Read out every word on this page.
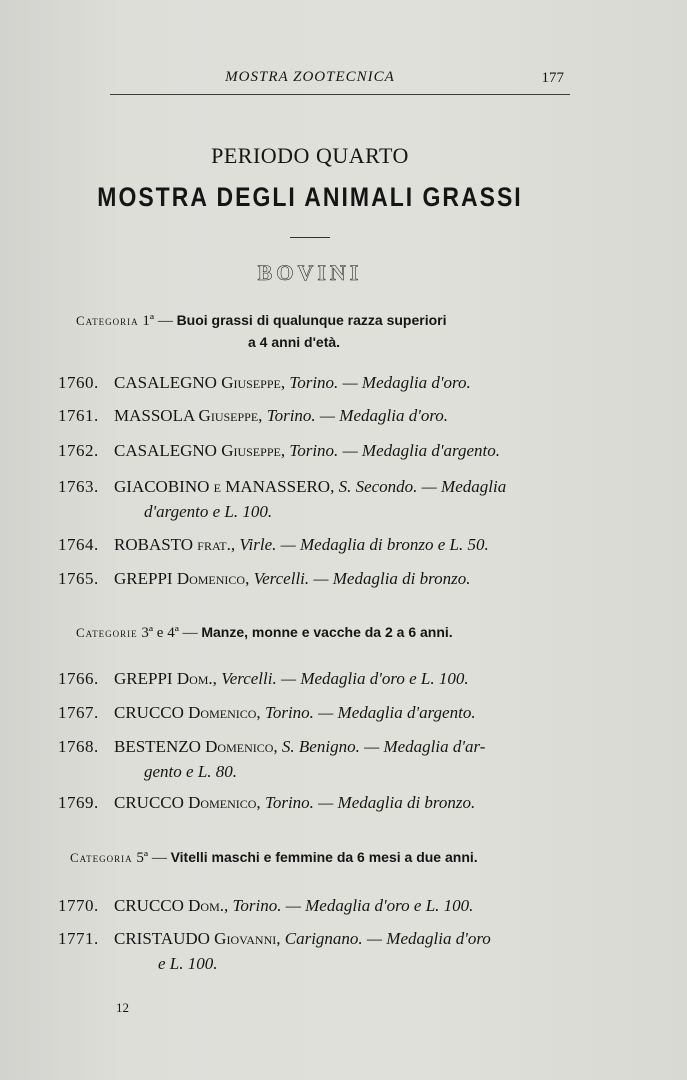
MOSTRA ZOOTECNICA	177
PERIODO QUARTO
MOSTRA DEGLI ANIMALI GRASSI
BOVINI
Categoria 1ª — Buoi grassi di qualunque razza superiori
a 4 anni d'età.
1760. CASALEGNO Giuseppe, Torino. — Medaglia d'oro.
1761. MASSOLA Giuseppe, Torino. — Medaglia d'oro.
1762. CASALEGNO Giuseppe, Torino. — Medaglia d'argento.
1763. GIACOBINO e MANASSERO, S. Secondo. — Medaglia
d'argento e L. 100.
1764. ROBASTO frat., Virle. — Medaglia di bronzo e L. 50.
1765. GREPPI Domenico, Vercelli. — Medaglia di bronzo.
Categorie 3ª e 4ª — Manze, monne e vacche da 2 a 6 anni.
1766. GREPPI Dom., Vercelli. — Medaglia d'oro e L. 100.
1767. CRUCCO Domenico, Torino. — Medaglia d'argento.
1768. BESTENZO Domenico, S. Benigno. — Medaglia d'ar-
gento e L. 80.
1769. CRUCCO Domenico, Torino. — Medaglia di bronzo.
Categoria 5ª — Vitelli maschi e femmine da 6 mesi a due anni.
1770. CRUCCO Dom., Torino. — Medaglia d'oro e L. 100.
1771. CRISTAUDO Giovanni, Carignano. — Medaglia d'oro
e L. 100.
12
